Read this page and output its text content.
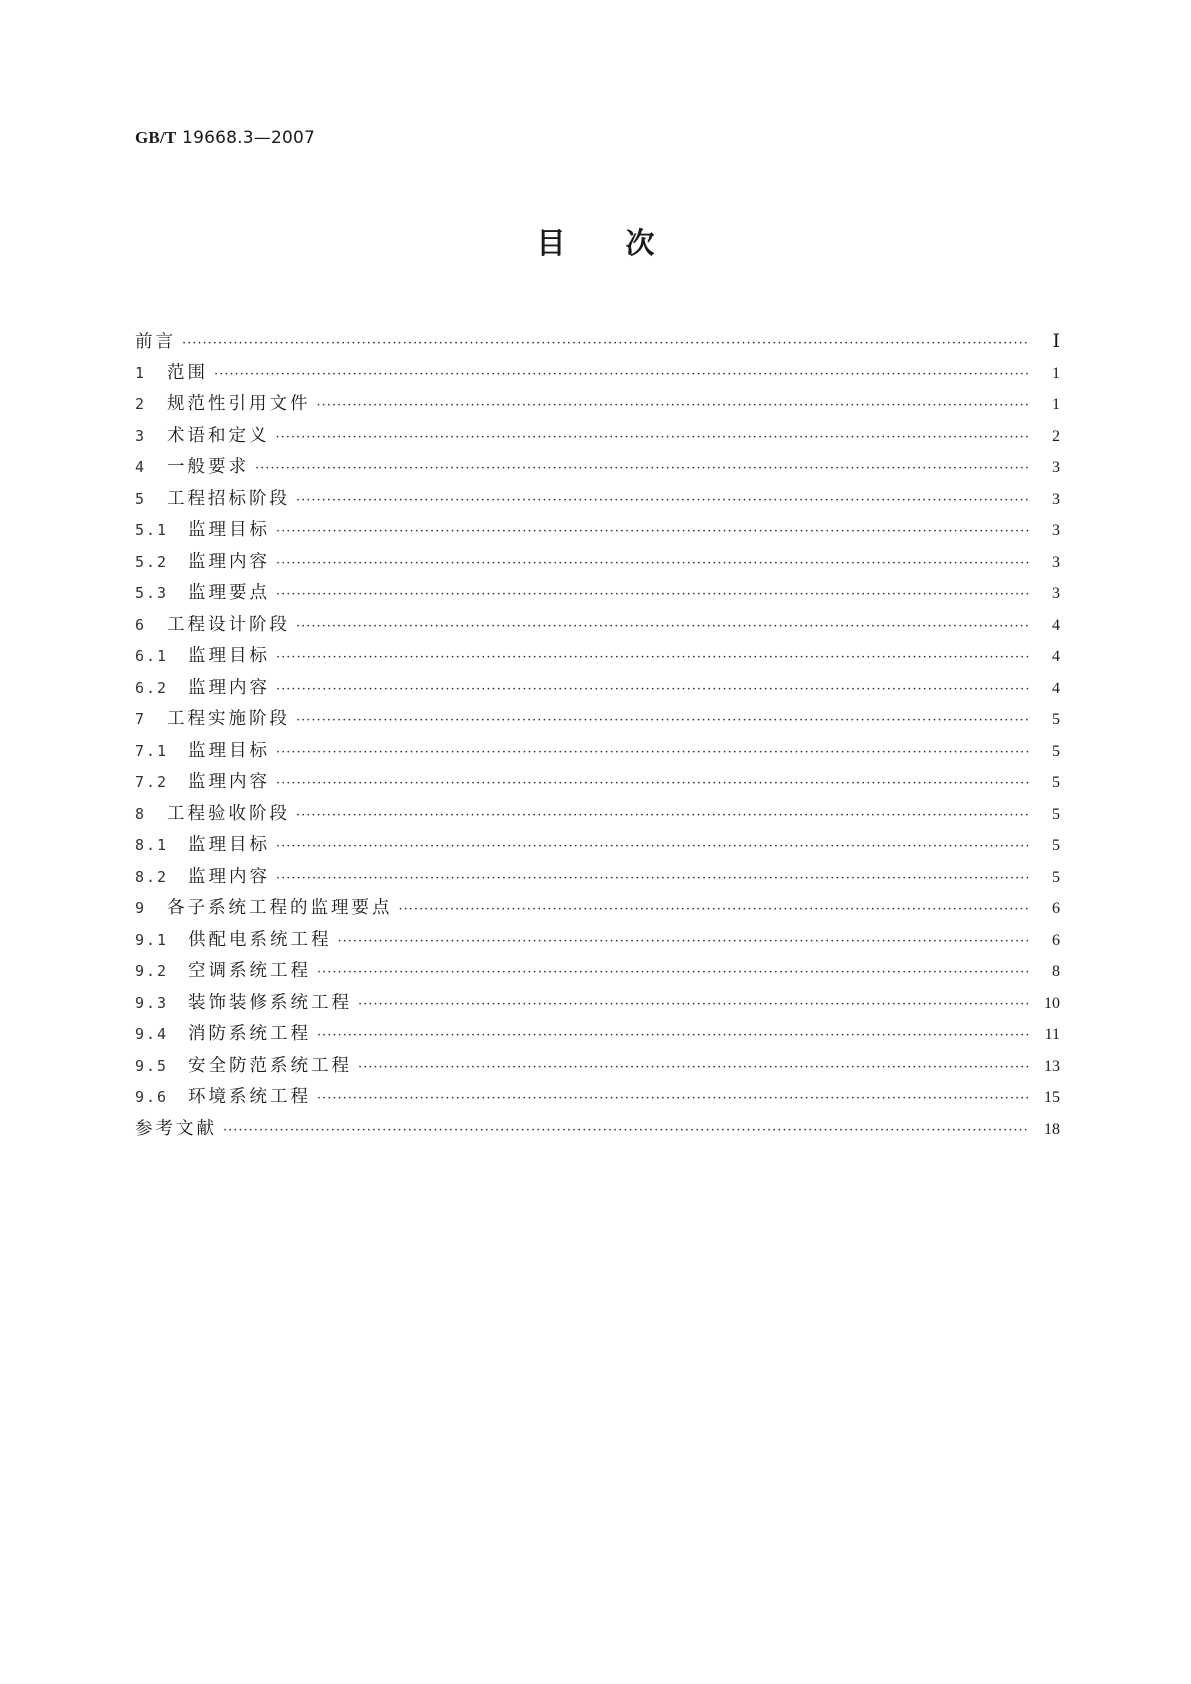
GB/T 19668.3—2007
目次
前言 ·····	Ⅰ
1	范围 ·····	1
2	规范性引用文件 ·····	1
3	术语和定义 ·····	2
4	一般要求 ·····	3
5	工程招标阶段 ·····	3
5.1	监理目标 ·····	3
5.2	监理内容 ·····	3
5.3	监理要点 ·····	3
6	工程设计阶段 ·····	4
6.1	监理目标 ·····	4
6.2	监理内容 ·····	4
7	工程实施阶段 ·····	5
7.1	监理目标 ·····	5
7.2	监理内容 ·····	5
8	工程验收阶段 ·····	5
8.1	监理目标 ·····	5
8.2	监理内容 ·····	5
9	各子系统工程的监理要点 ·····	6
9.1	供配电系统工程 ·····	6
9.2	空调系统工程 ·····	8
9.3	装饰装修系统工程 ·····	10
9.4	消防系统工程 ·····	11
9.5	安全防范系统工程 ·····	13
9.6	环境系统工程 ·····	15
参考文献 ·····	18
